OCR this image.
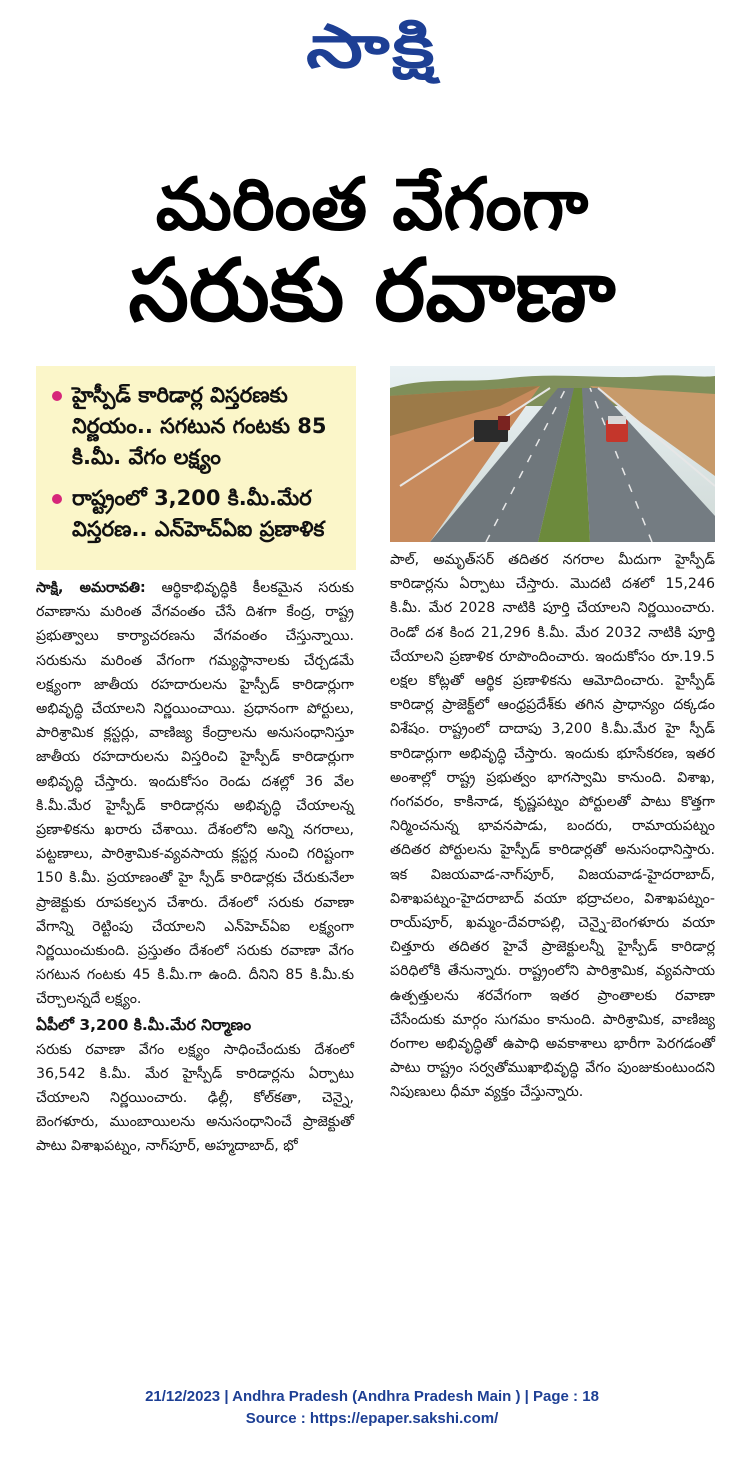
సాక్షి
మరింత వేగంగా
సరుకు రవాణా
హైస్పీడ్‌ కారిడార్ల విస్తరణకు నిర్ణయం.. సగటున గంటకు 85 కి.మీ. వేగం లక్ష్యం
రాష్ట్రంలో 3,200 కి.మీ.మేర విస్తరణ.. ఎన్‌హెచ్‌ఏఐ ప్రణాళిక

సాక్షి, అమరావతి: ఆర్థికాభివృద్ధికి కీలకమైన సరుకు రవాణాను మరింత వేగవంతం చేసే దిశగా కేంద్ర, రాష్ట్ర ప్రభుత్వాలు కార్యాచరణను వేగవంతం చేస్తున్నాయి. సరుకును మరింత వేగంగా గమ్యస్థానాలకు చేర్చడమే లక్ష్యంగా జాతీయ రహదారులను హైస్పీడ్‌ కారిడార్లుగా అభివృద్ధి చేయాలని నిర్ణయించాయి. ప్రధానంగా పోర్టులు, పారిశ్రామిక క్లస్టర్లు, వాణిజ్య కేంద్రాలను అనుసంధానిస్తూ జాతీయ రహదారులను విస్తరించి హైస్పీడ్‌ కారిడార్లుగా అభివృద్ధి చేస్తారు. ఇందుకోసం రెండు దశల్లో 36 వేల కి.మీ.మేర హైస్పీడ్‌ కారిడార్లను అభివృద్ధి చేయాలన్న ప్రణాళికను ఖరారు చేశాయి. దేశంలోని అన్ని నగరాలు, పట్టణాలు, పారిశ్రామిక-వ్యవసాయ క్లస్టర్ల నుంచి గరిష్టంగా 150 కి.మీ. ప్రయాణంతో హై స్పీడ్‌ కారిడార్లకు చేరుకునేలా ప్రాజెక్టుకు రూపకల్పన చేశారు. దేశంలో సరుకు రవాణా వేగాన్ని రెట్టింపు చేయాలని ఎన్‌హెచ్‌ఏఐ లక్ష్యంగా నిర్ణయించుకుంది. ప్రస్తుతం దేశంలో సరుకు రవాణా వేగం సగటున గంటకు 45 కి.మీ.గా ఉంది. దీనిని 85 కి.మీ.కు చేర్చాలన్నదే లక్ష్యం.

ఏపీలో 3,200 కి.మీ.మేర నిర్మాణం

సరుకు రవాణా వేగం లక్ష్యం సాధించేందుకు దేశంలో 36,542 కి.మీ. మేర హైస్పీడ్‌ కారిడార్లను ఏర్పాటు చేయాలని నిర్ణయించారు. ఢిల్లీ, కోల్‌కతా, చెన్నై, బెంగళూరు, ముంబాయిలను అనుసంధానించే ప్రాజెక్టుతో పాటు విశాఖపట్నం, నాగ్‌పూర్, అహ్మదాబాద్, భో

పాల్, అమృత్‌సర్‌ తదితర నగరాల మీదుగా హైస్పీడ్‌ కారిడార్లను ఏర్పాటు చేస్తారు. మొదటి దశలో 15,246 కి.మీ. మేర 2028 నాటికి పూర్తి చేయాలని నిర్ణయించారు. రెండో దశ కింద 21,296 కి.మీ. మేర 2032 నాటికి పూర్తి చేయాలని ప్రణాళిక రూపొందించారు. ఇందుకోసం రూ.19.5 లక్షల కోట్లతో ఆర్థిక ప్రణాళికను ఆమోదించారు. హైస్పీడ్‌ కారిడార్ల ప్రాజెక్ట్‌లో ఆంధ్రప్రదేశ్‌కు తగిన ప్రాధాన్యం దక్కడం విశేషం. రాష్ట్రంలో దాదాపు 3,200 కి.మీ.మేర హై స్పీడ్‌ కారిడార్లుగా అభివృద్ధి చేస్తారు. ఇందుకు భూసేకరణ, ఇతర అంశాల్లో రాష్ట్ర ప్రభుత్వం భాగస్వామి కానుంది. విశాఖ, గంగవరం, కాకినాడ, కృష్ణపట్నం పోర్టులతో పాటు కొత్తగా నిర్మించనున్న భావనపాడు, బందరు, రామాయపట్నం తదితర పోర్టులను హైస్పీడ్‌ కారిడార్లతో అనుసంధానిస్తారు. ఇక విజయవాడ-నాగ్‌పూర్, విజయవాడ-హైదరాబాద్, విశాఖపట్నం-హైదరాబాద్‌ వయా భద్రాచలం, విశాఖపట్నం-రాయ్‌పూర్, ఖమ్మం-దేవరాపల్లి, చెన్నై-బెంగళూరు వయా చిత్తూరు తదితర హైవే ప్రాజెక్టులన్నీ హైస్పీడ్‌ కారిడార్ల పరిధిలోకి తేనున్నారు. రాష్ట్రంలోని పారిశ్రామిక, వ్యవసాయ ఉత్పత్తులను శరవేగంగా ఇతర ప్రాంతాలకు రవాణా చేసేందుకు మార్గం సుగమం కానుంది. పారిశ్రామిక, వాణిజ్య రంగాల అభివృద్ధితో ఉపాధి అవకాశాలు భారీగా పెరగడంతో పాటు రాష్ట్రం సర్వతోముఖాభివృద్ధి వేగం పుంజుకుంటుందని నిపుణులు ధీమా వ్యక్తం చేస్తున్నారు.

21/12/2023 | Andhra Pradesh (Andhra Pradesh Main ) | Page : 18
Source : https://epaper.sakshi.com/
